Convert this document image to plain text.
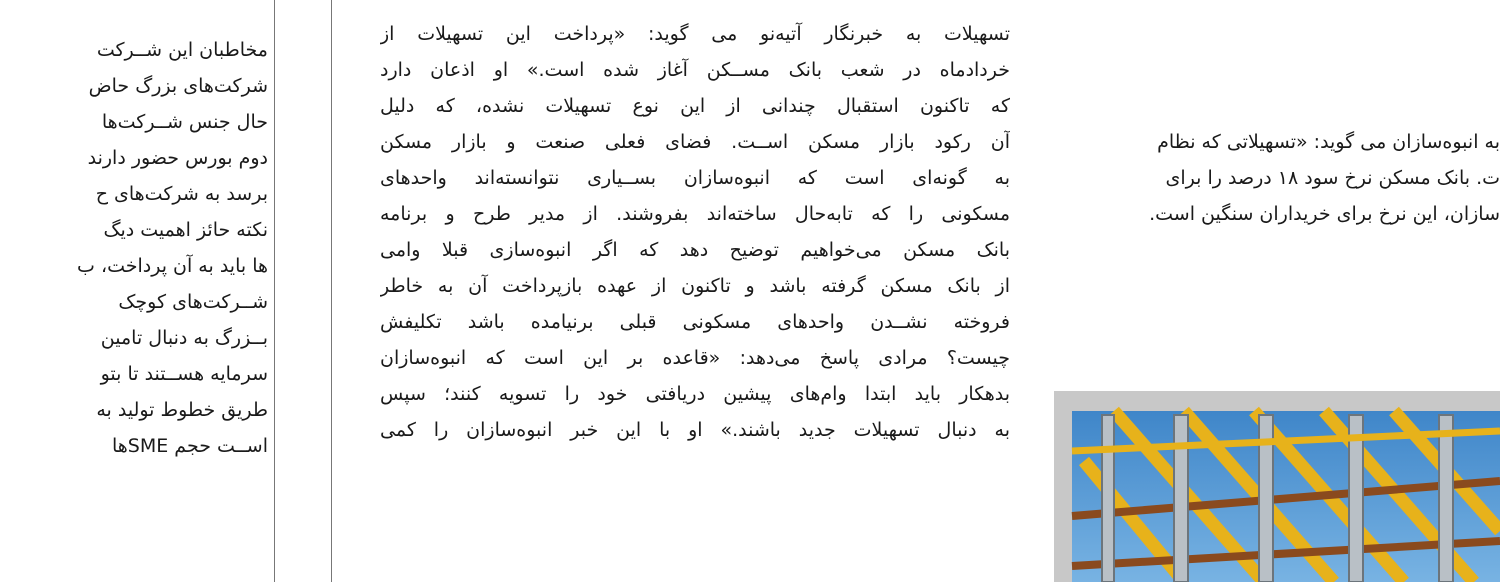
مخاطبان این شــرکت
شرکت‌های بزرگ حاض
حال جنس شــرکت‌ها
دوم بورس حضور دارند
برسد به شرکت‌های ح
نکته حائز اهمیت دیگ
ها باید به آن پرداخت، ب
شــرکت‌های کوچک
بــزرگ به دنبال تامین
سرمایه هســتند تا بتو
طریق خطوط تولید به
اســت حجم SMEها
تسهیلات به خبرنگار آتیه‌نو می گوید: «پرداخت این تسهیلات از
خردادماه در شعب بانک مســکن آغاز شده است.» او اذعان دارد
که تاکنون استقبال چندانی از این نوع تسهیلات نشده، که دلیل
آن رکود بازار مسکن اســت. فضای فعلی صنعت و بازار مسکن
به گونه‌ای است که انبوه‌سازان بســیاری نتوانسته‌اند واحدهای
مسکونی را که تابه‌حال ساخته‌اند بفروشند. از مدیر طرح و برنامه
بانک مسکن می‌خواهیم توضیح دهد که اگر انبوه‌سازی قبلا وامی
از بانک مسکن گرفته باشد و تاکنون از عهده بازپرداخت آن به خاطر
فروخته نشــدن واحدهای مسکونی قبلی برنیامده باشد تکلیفش
چیست؟ مرادی پاسخ می‌دهد: «قاعده بر این است که انبوه‌سازان
بدهکار باید ابتدا وام‌های پیشین دریافتی خود را تسویه کنند؛ سپس
به دنبال تسهیلات جدید باشند.» او با این خبر انبوه‌سازان را کمی
به انبوه‌سازان می گوید: «تسهیلاتی که نظام
ت. بانک مسکن نرخ سود ۱۸ درصد را برای
سازان، این نرخ برای خریداران سنگین است.
